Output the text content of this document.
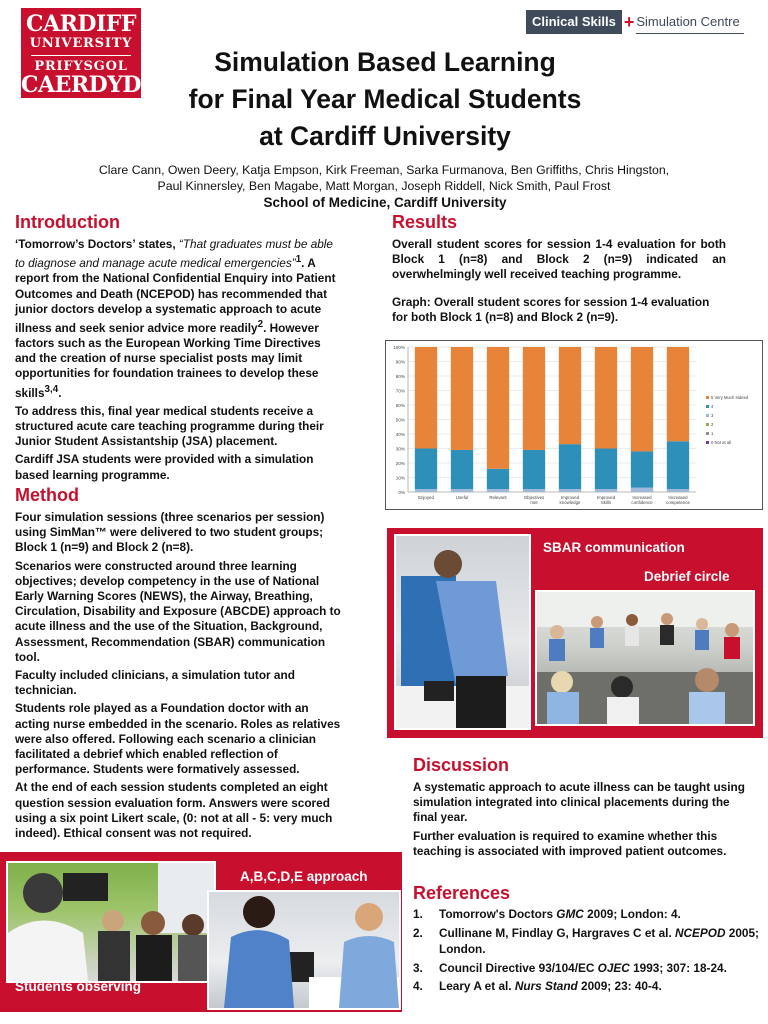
CARDIFF
UNIVERSITY
PRIFYSGOL
CAERDYD
Clinical Skills + Simulation Centre
Simulation Based Learning
for Final Year Medical Students
at Cardiff University
Clare Cann, Owen Deery, Katja Empson, Kirk Freeman, Sarka Furmanova, Ben Griffiths, Chris Hingston,
Paul Kinnersley, Ben Magabe, Matt Morgan, Joseph Riddell, Nick Smith, Paul Frost
School of Medicine, Cardiff University
Introduction

‘Tomorrow’s Doctors’ states, “That graduates must be able to diagnose and manage acute medical emergencies”$^1$. A report from the National Confidential Enquiry into Patient Outcomes and Death (NCEPOD) has recommended that junior doctors develop a systematic approach to acute illness and seek senior advice more readily$^2$. However factors such as the European Working Time Directives and the creation of nurse specialist posts may limit opportunities for foundation trainees to develop these skills$^{3,4}$.

To address this, final year medical students receive a structured acute care teaching programme during their Junior Student Assistantship (JSA) placement.

Cardiff JSA students were provided with a simulation based learning programme.

Method

Four simulation sessions (three scenarios per session) using SimMan™ were delivered to two student groups; Block 1 (n=9) and Block 2 (n=8).

Scenarios were constructed around three learning objectives; develop competency in the use of National Early Warning Scores (NEWS), the Airway, Breathing, Circulation, Disability and Exposure (ABCDE) approach to acute illness and the use of the Situation, Background, Assessment, Recommendation (SBAR) communication tool.

Faculty included clinicians, a simulation tutor and technician.

Students role played as a Foundation doctor with an acting nurse embedded in the scenario. Roles as relatives were also offered. Following each scenario a clinician facilitated a debrief which enabled reflection of performance. Students were formatively assessed.

At the end of each session students completed an eight question session evaluation form. Answers were scored using a six point Likert scale, (0: not at all - 5: very much indeed). Ethical consent was not required.

Results

Overall student scores for session 1-4 evaluation for both Block 1 (n=8) and Block 2 (n=9) indicated an overwhelmingly well received teaching programme.

Graph: Overall student scores for session 1-4 evaluation for both Block 1 (n=8) and Block 2 (n=9).

0%
10%
20%
30%
40%
50%
60%
70%
80%
90%
100%
Enjoyed	Useful	Relevant	Objectives
met
Improved
knowledge
Improved
Skills
Increased
confidence
Increased
competence
5 Very Much Indeed
4
3
2
1
0 Not at all
SBAR communication
Debrief circle
Discussion

A systematic approach to acute illness can be taught using simulation integrated into clinical placements during the final year.

Further evaluation is required to examine whether this teaching is associated with improved patient outcomes.

References
1.	Tomorrow's Doctors GMC 2009; London: 4.
2.	Cullinane M, Findlay G, Hargraves C et al. NCEPOD 2005; London.
3.	Council Directive 93/104/EC OJEC 1993; 307: 18-24.
4.	Leary A et al. Nurs Stand 2009; 23: 40-4.
A,B,C,D,E approach
Students observing
